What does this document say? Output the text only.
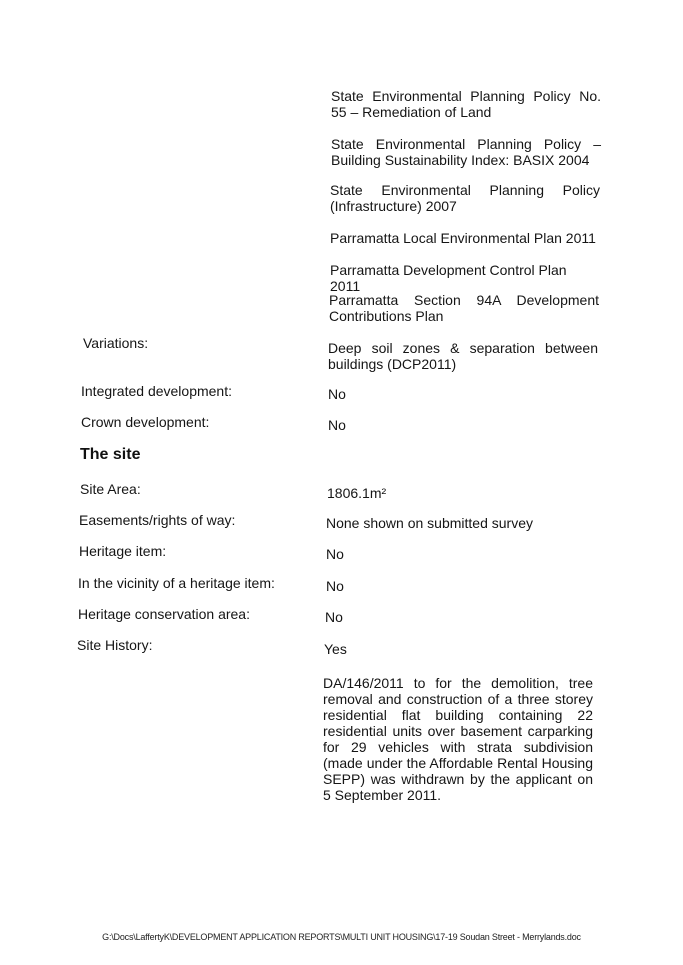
State Environmental Planning Policy No. 55 – Remediation of Land

State Environmental Planning Policy – Building Sustainability Index: BASIX 2004

State Environmental Planning Policy (Infrastructure) 2007

Parramatta Local Environmental Plan 2011

Parramatta Development Control Plan 2011

Parramatta Section 94A Development Contributions Plan

Variations:	Deep soil zones & separation between buildings (DCP2011)

Integrated development:	No
Crown development:	No
The site
Site Area:	1806.1m²
Easements/rights of way:	None shown on submitted survey
Heritage item:	No
In the vicinity of a heritage item:	No
Heritage conservation area:	No
Site History:	Yes

DA/146/2011 to for the demolition, tree removal and construction of a three storey residential flat building containing 22 residential units over basement carparking for 29 vehicles with strata subdivision (made under the Affordable Rental Housing SEPP) was withdrawn by the applicant on 5 September 2011.

G:\Docs\LaffertyK\DEVELOPMENT APPLICATION REPORTS\MULTI UNIT HOUSING\17-19 Soudan Street - Merrylands.doc
